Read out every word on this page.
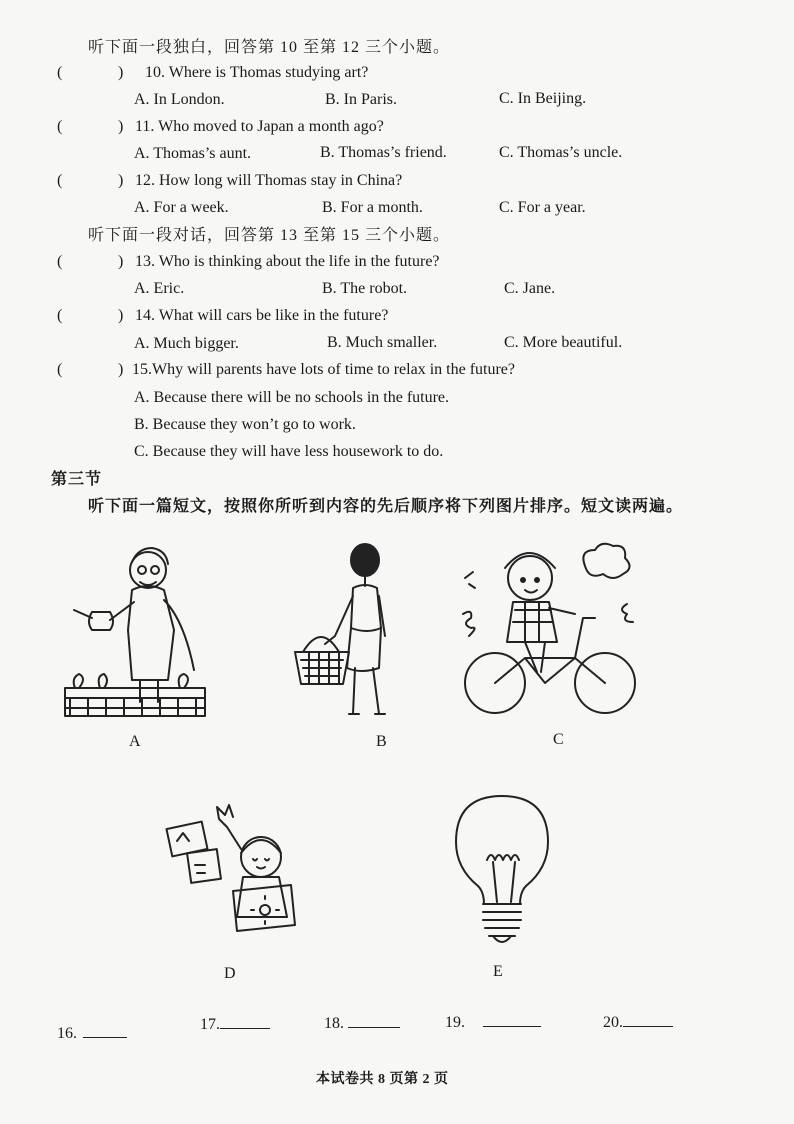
听下面一段独白，回答第 10 至第 12 三个小题。
(	) 10. Where is Thomas studying art?
A. In London.	B. In Paris.	C. In Beijing.
(	) 11. Who moved to Japan a month ago?
A. Thomas’s aunt.	B. Thomas’s friend.	C. Thomas’s uncle.
(	) 12. How long will Thomas stay in China?
A. For a week.	B. For a month.	C. For a year.
听下面一段对话，回答第 13 至第 15 三个小题。
(	) 13. Who is thinking about the life in the future?
A. Eric.	B. The robot.	C. Jane.
(	) 14. What will cars be like in the future?
A. Much bigger.	B. Much smaller.	C. More beautiful.
(	) 15.Why will parents have lots of time to relax in the future?
A. Because there will be no schools in the future.
B. Because they won’t go to work.
C. Because they will have less housework to do.
第三节
听下面一篇短文，按照你所听到内容的先后顺序将下列图片排序。短文读两遍。
A	B	C
D	E
16.
17.	18.	19.	20.
本试卷共 8 页第 2 页
